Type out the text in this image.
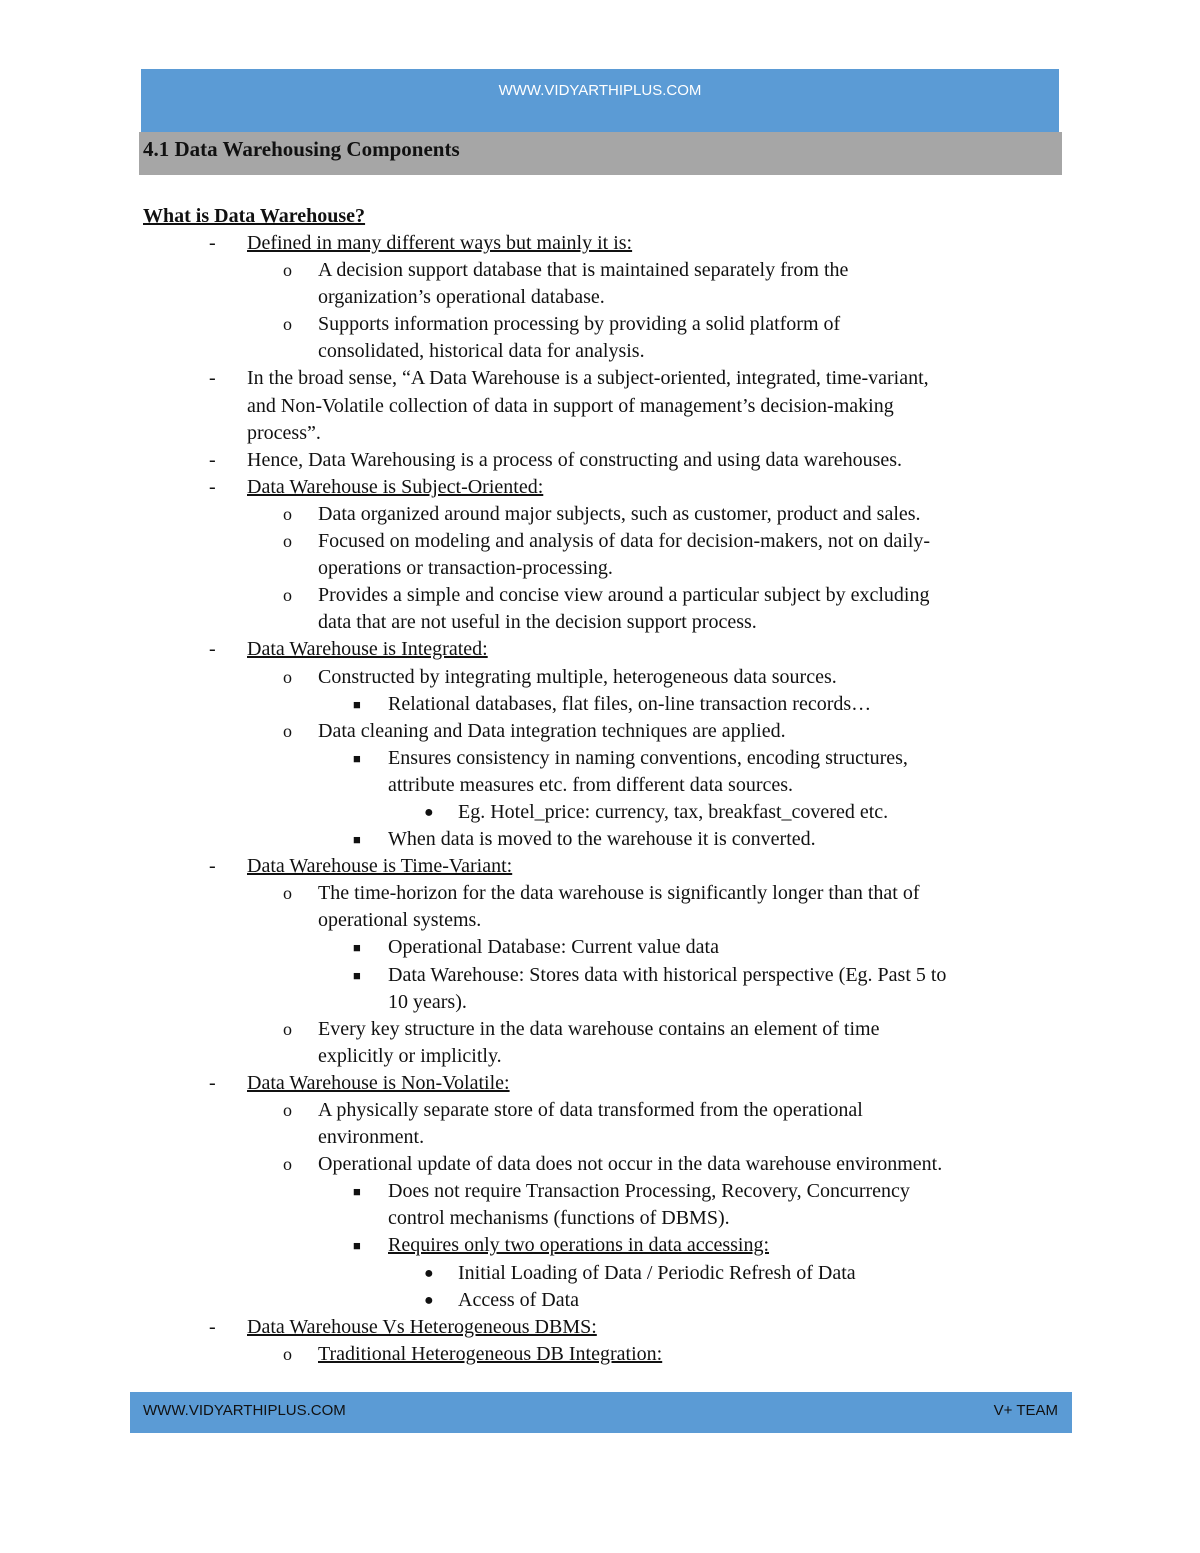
WWW.VIDYARTHIPLUS.COM
4.1 Data Warehousing Components
What is Data Warehouse?
- Defined in many different ways but mainly it is:
o A decision support database that is maintained separately from the
organization’s operational database.
o Supports information processing by providing a solid platform of
consolidated, historical data for analysis.
- In the broad sense, “A Data Warehouse is a subject-oriented, integrated, time-variant,
and Non-Volatile collection of data in support of management’s decision-making
process”.
- Hence, Data Warehousing is a process of constructing and using data warehouses.
- Data Warehouse is Subject-Oriented:
o Data organized around major subjects, such as customer, product and sales.
o Focused on modeling and analysis of data for decision-makers, not on daily-
operations or transaction-processing.
o Provides a simple and concise view around a particular subject by excluding
data that are not useful in the decision support process.
- Data Warehouse is Integrated:
o Constructed by integrating multiple, heterogeneous data sources.
■ Relational databases, flat files, on-line transaction records…
o Data cleaning and Data integration techniques are applied.
■ Ensures consistency in naming conventions, encoding structures,
attribute measures etc. from different data sources.
● Eg. Hotel_price: currency, tax, breakfast_covered etc.
■ When data is moved to the warehouse it is converted.
- Data Warehouse is Time-Variant:
o The time-horizon for the data warehouse is significantly longer than that of
operational systems.
■ Operational Database: Current value data
■ Data Warehouse: Stores data with historical perspective (Eg. Past 5 to
10 years).
o Every key structure in the data warehouse contains an element of time
explicitly or implicitly.
- Data Warehouse is Non-Volatile:
o A physically separate store of data transformed from the operational
environment.
o Operational update of data does not occur in the data warehouse environment.
■ Does not require Transaction Processing, Recovery, Concurrency
control mechanisms (functions of DBMS).
■ Requires only two operations in data accessing:
● Initial Loading of Data / Periodic Refresh of Data
● Access of Data
- Data Warehouse Vs Heterogeneous DBMS:
o Traditional Heterogeneous DB Integration:
WWW.VIDYARTHIPLUS.COM	V+ TEAM
